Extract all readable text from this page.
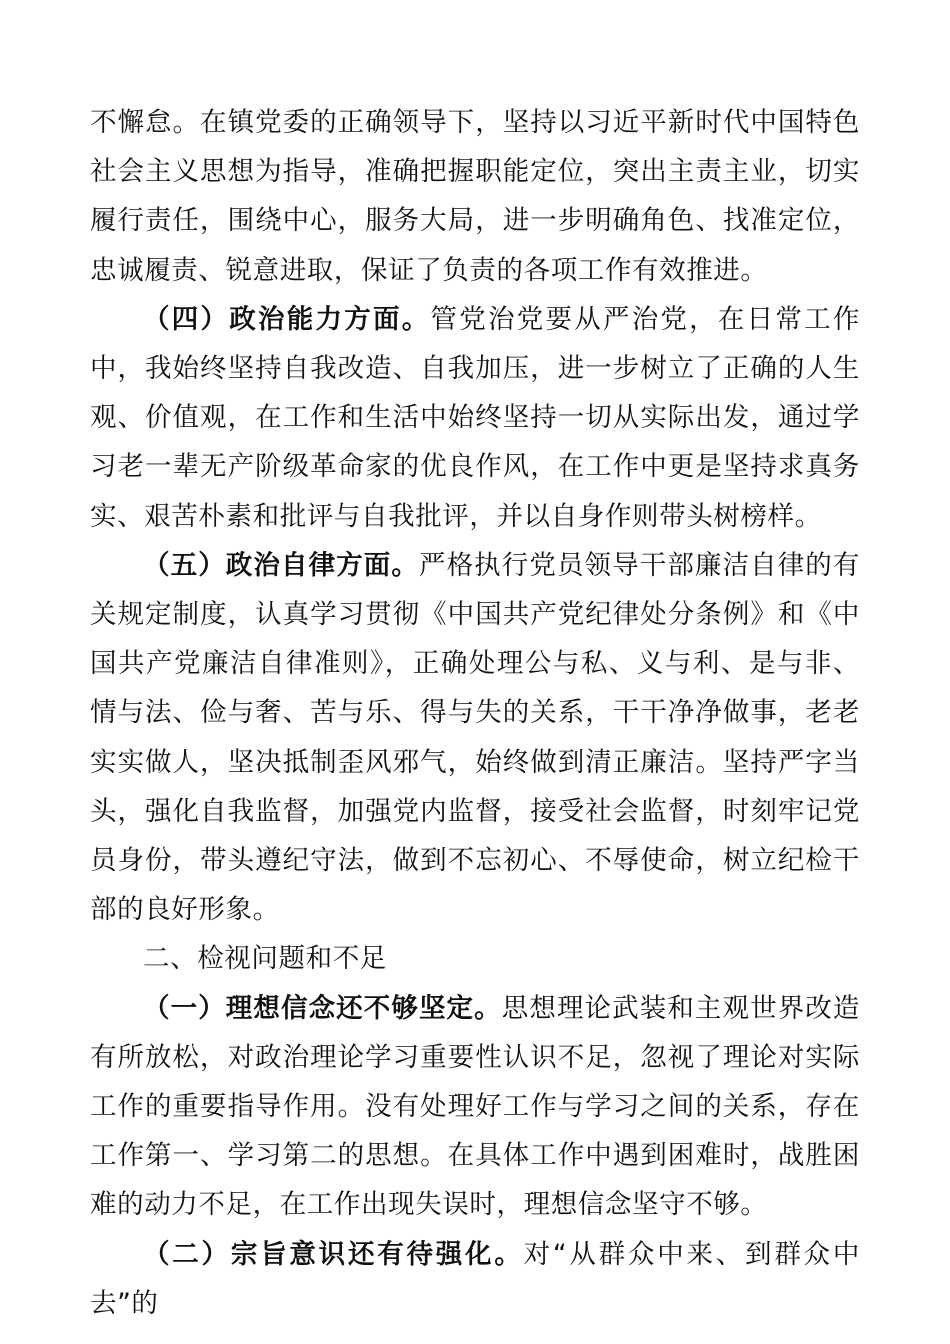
不懈怠。在镇党委的正确领导下，坚持以习近平新时代中国特色社会主义思想为指导，准确把握职能定位，突出主责主业，切实履行责任，围绕中心，服务大局，进一步明确角色、找准定位，忠诚履责、锐意进取，保证了负责的各项工作有效推进。

（四）政治能力方面。管党治党要从严治党，在日常工作中，我始终坚持自我改造、自我加压，进一步树立了正确的人生观、价值观，在工作和生活中始终坚持一切从实际出发，通过学习老一辈无产阶级革命家的优良作风，在工作中更是坚持求真务实、艰苦朴素和批评与自我批评，并以自身作则带头树榜样。

（五）政治自律方面。严格执行党员领导干部廉洁自律的有关规定制度，认真学习贯彻《中国共产党纪律处分条例》和《中国共产党廉洁自律准则》，正确处理公与私、义与利、是与非、情与法、俭与奢、苦与乐、得与失的关系，干干净净做事，老老实实做人，坚决抵制歪风邪气，始终做到清正廉洁。坚持严字当头，强化自我监督，加强党内监督，接受社会监督，时刻牢记党员身份，带头遵纪守法，做到不忘初心、不辱使命，树立纪检干部的良好形象。

二、检视问题和不足

（一）理想信念还不够坚定。思想理论武装和主观世界改造有所放松，对政治理论学习重要性认识不足，忽视了理论对实际工作的重要指导作用。没有处理好工作与学习之间的关系，存在工作第一、学习第二的思想。在具体工作中遇到困难时，战胜困难的动力不足，在工作出现失误时，理想信念坚守不够。

（二）宗旨意识还有待强化。对“从群众中来、到群众中去”的
